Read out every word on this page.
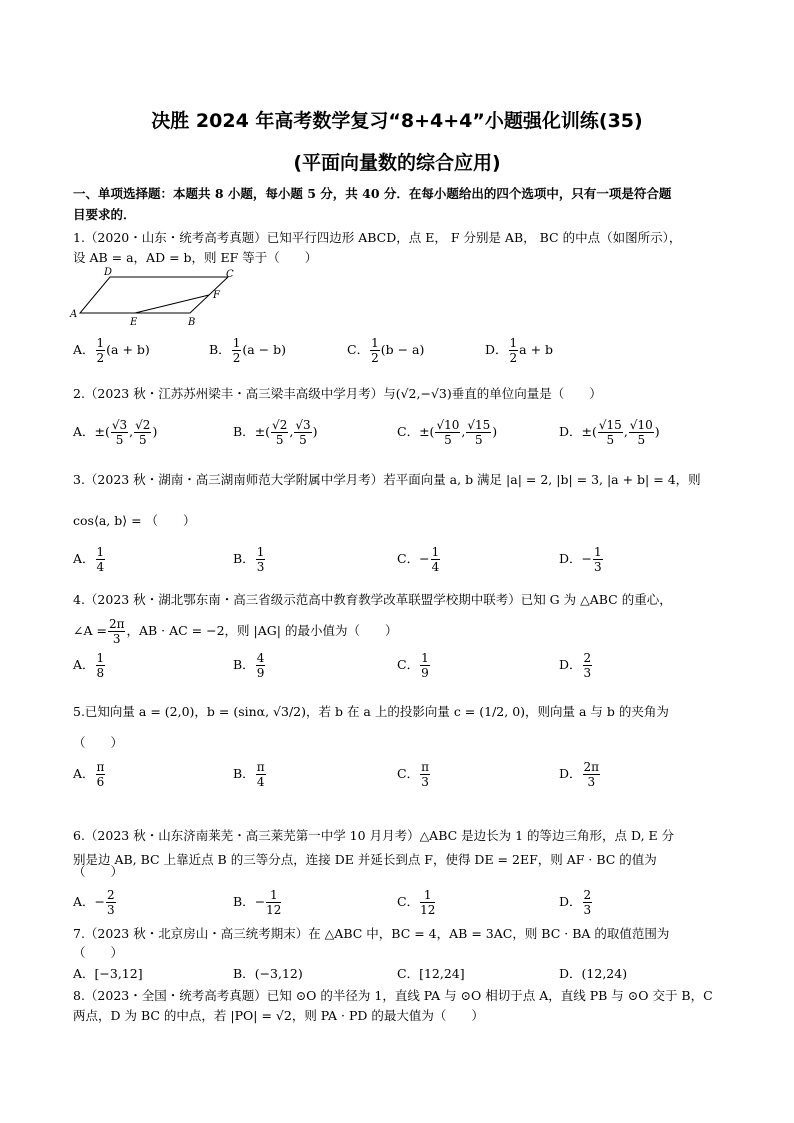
决胜 2024 年高考数学复习“8+4+4”小题强化训练(35)
(平面向量数的综合应用)
一、单项选择题：本题共 8 小题，每小题 5 分，共 40 分．在每小题给出的四个选项中，只有一项是符合题
目要求的．
1.（2020・山东・统考高考真题）已知平行四边形 ABCD，点 E， F 分别是 AB， BC 的中点（如图所示），
设 AB = a，AD = b，则 EF 等于（　　）
A
B
C
D
E
F
A． $\frac{1}{2} (a + b)$	B． $\frac{1}{2} (a - b)$	C． $\frac{1}{2} (b - a)$	D． $\frac{1}{2}$ a + b
2.（2023 秋・江苏苏州梁丰・高三梁丰高级中学月考）与(√2,−√3)垂直的单位向量是（　　）
A．±( $\frac{√3}{5}$ , $\frac{√2}{5}$ )	B．±( $\frac{√2}{5}$ , $\frac{√3}{5}$ )	C．±( $\frac{√10}{5}$ , $\frac{√15}{5}$ )	D．±( $\frac{√15}{5}$ , $\frac{√10}{5}$ )
3.（2023 秋・湖南・高三湖南师范大学附属中学月考）若平面向量 a, b 满足 |a| = 2, |b| = 3, |a + b| = 4，则
cos⟨a, b⟩ = （　　）
A． $\frac{1}{4}$	B． $\frac{1}{3}$	C．− $\frac{1}{4}$	D．− $\frac{1}{3}$
4.（2023 秋・湖北鄂东南・高三省级示范高中教育教学改革联盟学校期中联考）已知 G 为 △ABC 的重心，
∠A = $\frac{2\pi}{3}$ ，AB · AC = −2，则 |AG| 的最小值为（　　）
A． $\frac{1}{8}$	B． $\frac{4}{9}$	C． $\frac{1}{9}$	D． $\frac{2}{3}$
5.已知向量 a = (2,0)，b = (sinα, √3/2)，若 b 在 a 上的投影向量 c = (1/2, 0)，则向量 a 与 b 的夹角为
（　　）
A． $\frac{\pi}{6}$	B． $\frac{\pi}{4}$	C． $\frac{\pi}{3}$	D． $\frac{2\pi}{3}$
6.（2023 秋・山东济南莱芜・高三莱芜第一中学 10 月月考）△ABC 是边长为 1 的等边三角形，点 D, E 分
别是边 AB, BC 上靠近点 B 的三等分点，连接 DE 并延长到点 F，使得 DE = 2EF，则 AF · BC 的值为
（　　）
A．− $\frac{2}{3}$	B．− $\frac{1}{12}$	C． $\frac{1}{12}$	D． $\frac{2}{3}$
7.（2023 秋・北京房山・高三统考期末）在 △ABC 中，BC = 4，AB = 3AC，则 BC · BA 的取值范围为
（　　）
A．[−3,12]	B．(−3,12)	C．[12,24]	D．(12,24)
8.（2023・全国・统考高考真题）已知 ⊙O 的半径为 1，直线 PA 与 ⊙O 相切于点 A，直线 PB 与 ⊙O 交于 B，C
两点，D 为 BC 的中点，若 |PO| = √2，则 PA · PD 的最大值为（　　）
